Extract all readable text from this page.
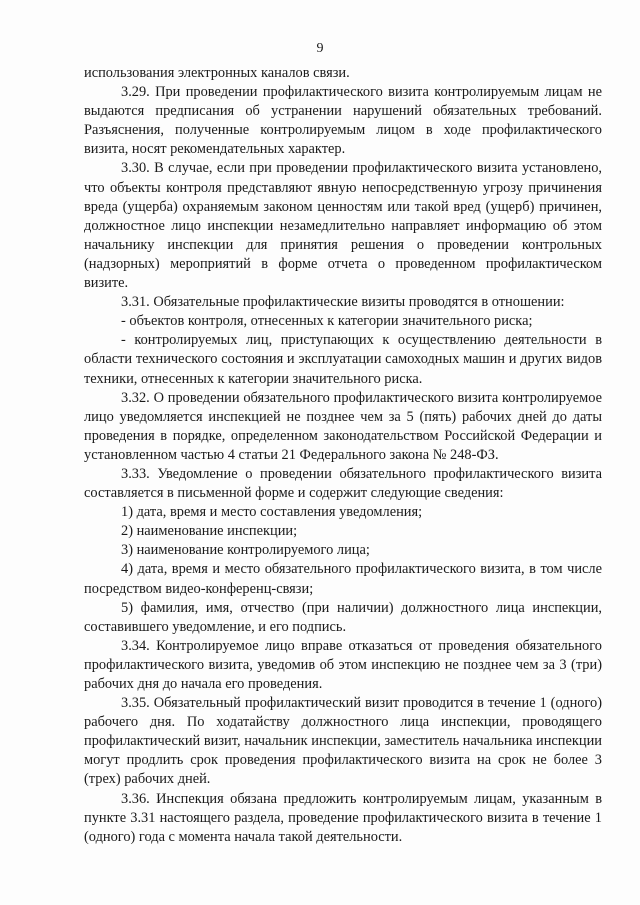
9

использования электронных каналов связи.

3.29. При проведении профилактического визита контролируемым лицам не выдаются предписания об устранении нарушений обязательных требований. Разъяснения, полученные контролируемым лицом в ходе профилактического визита, носят рекомендательных характер.

3.30. В случае, если при проведении профилактического визита установлено, что объекты контроля представляют явную непосредственную угрозу причинения вреда (ущерба) охраняемым законом ценностям или такой вред (ущерб) причинен, должностное лицо инспекции незамедлительно направляет информацию об этом начальнику инспекции для принятия решения о проведении контрольных (надзорных) мероприятий в форме отчета о проведенном профилактическом визите.

3.31. Обязательные профилактические визиты проводятся в отношении:

- объектов контроля, отнесенных к категории значительного риска;

- контролируемых лиц, приступающих к осуществлению деятельности в области технического состояния и эксплуатации самоходных машин и других видов техники, отнесенных к категории значительного риска.

3.32. О проведении обязательного профилактического визита контролируемое лицо уведомляется инспекцией не позднее чем за 5 (пять) рабочих дней до даты проведения в порядке, определенном законодательством Российской Федерации и установленном частью 4 статьи 21 Федерального закона № 248-ФЗ.

3.33. Уведомление о проведении обязательного профилактического визита составляется в письменной форме и содержит следующие сведения:

1) дата, время и место составления уведомления;

2) наименование инспекции;

3) наименование контролируемого лица;

4) дата, время и место обязательного профилактического визита, в том числе посредством видео-конференц-связи;

5) фамилия, имя, отчество (при наличии) должностного лица инспекции, составившего уведомление, и его подпись.

3.34. Контролируемое лицо вправе отказаться от проведения обязательного профилактического визита, уведомив об этом инспекцию не позднее чем за 3 (три) рабочих дня до начала его проведения.

3.35. Обязательный профилактический визит проводится в течение 1 (одного) рабочего дня. По ходатайству должностного лица инспекции, проводящего профилактический визит, начальник инспекции, заместитель начальника инспекции могут продлить срок проведения профилактического визита на срок не более 3 (трех) рабочих дней.

3.36. Инспекция обязана предложить контролируемым лицам, указанным в пункте 3.31 настоящего раздела, проведение профилактического визита в течение 1 (одного) года с момента начала такой деятельности.
